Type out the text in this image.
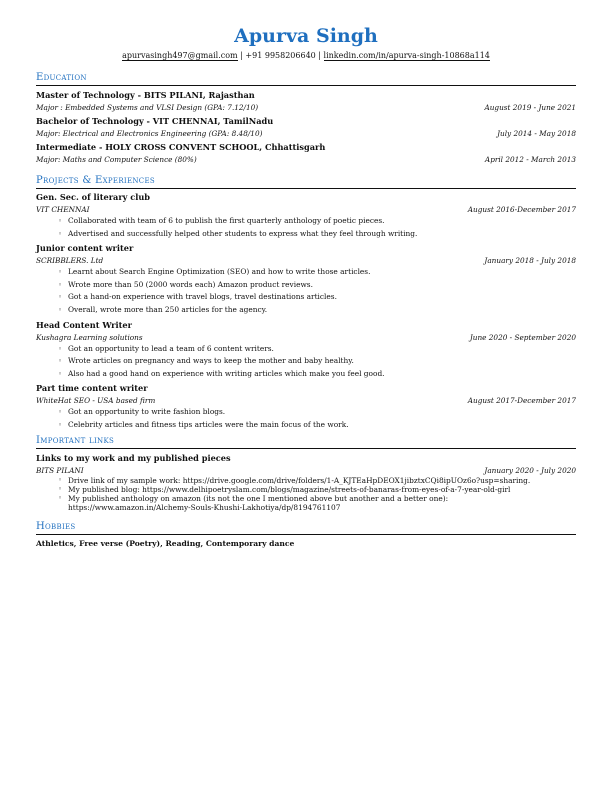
Apurva Singh
apurvasingh497@gmail.com | +91 9958206640 | linkedin.com/in/apurva-singh-10868a114
Education
Master of Technology - BITS PILANI, Rajasthan
Major : Embedded Systems and VLSI Design (GPA: 7.12/10)	August 2019 - June 2021
Bachelor of Technology - VIT CHENNAI, TamilNadu
Major: Electrical and Electronics Engineering (GPA: 8.48/10)	July 2014 - May 2018
Intermediate - HOLY CROSS CONVENT SCHOOL, Chhattisgarh
Major: Maths and Computer Science (80%)	April 2012 - March 2013
Projects & Experiences
Gen. Sec. of literary club
VIT CHENNAI	August 2016-December 2017
◦ Collaborated with team of 6 to publish the first quarterly anthology of poetic pieces.
◦ Advertised and successfully helped other students to express what they feel through writing.
Junior content writer
SCRIBBLERS. Ltd	January 2018 - July 2018
◦ Learnt about Search Engine Optimization (SEO) and how to write those articles.
◦ Wrote more than 50 (2000 words each) Amazon product reviews.
◦ Got a hand-on experience with travel blogs, travel destinations articles.
◦ Overall, wrote more than 250 articles for the agency.
Head Content Writer
Kushagra Learning solutions	June 2020 - September 2020
◦ Got an opportunity to lead a team of 6 content writers.
◦ Wrote articles on pregnancy and ways to keep the mother and baby healthy.
◦ Also had a good hand on experience with writing articles which make you feel good.
Part time content writer
WhiteHat SEO - USA based firm	August 2017-December 2017
◦ Got an opportunity to write fashion blogs.
◦ Celebrity articles and fitness tips articles were the main focus of the work.
Important links
Links to my work and my published pieces
BITS PILANI	January 2020 - July 2020
◦ Drive link of my sample work: https://drive.google.com/drive/folders/1-A_KJTEaHpDEOX1jibztxCQi8ipUOz6o?usp=sharing.
◦ My published blog: https://www.delhipoetryslam.com/blogs/magazine/streets-of-banaras-from-eyes-of-a-7-year-old-girl
◦ My published anthology on amazon (its not the one I mentioned above but another and a better one):
https://www.amazon.in/Alchemy-Souls-Khushi-Lakhotiya/dp/8194761107
Hobbies
Athletics, Free verse (Poetry), Reading, Contemporary dance
